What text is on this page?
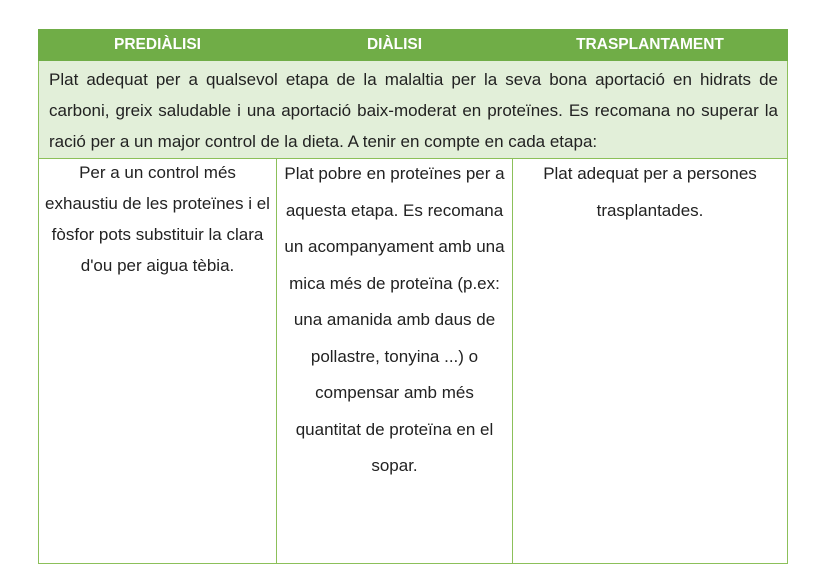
PREDIÀLISI	DIÀLISI	TRASPLANTAMENT
Plat adequat per a qualsevol etapa de la malaltia per la seva bona aportació en hidrats de carboni, greix saludable i una aportació baix-moderat en proteïnes. Es recomana no superar la ració per a un major control de la dieta. A tenir en compte en cada etapa:		

Per a un control més exhaustiu de les proteïnes i el fòsfor pots substituir la clara d'ou per aigua tèbia.	Plat pobre en proteïnes per a aquesta etapa. Es recomana un acompanyament amb una mica més de proteïna (p.ex: una amanida amb daus de pollastre, tonyina ...) o compensar amb més quantitat de proteïna en el sopar.	Plat adequat per a persones trasplantades.
